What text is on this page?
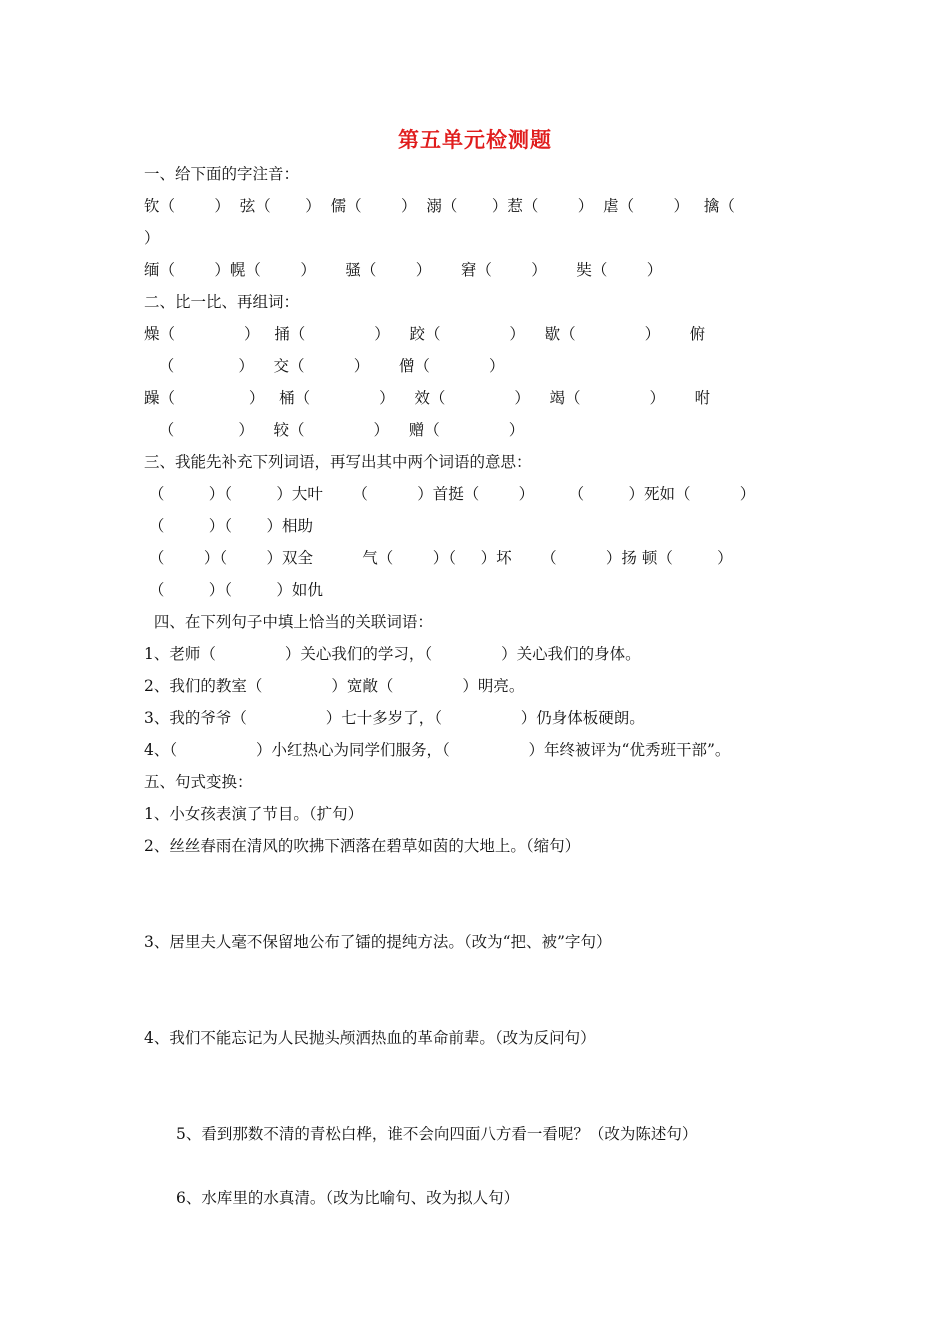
第五单元检测题
一、给下面的字注音：
钦（        ）  弦（       ）  儒（        ）  溺（       ）惹（        ）  虐（        ）   擒（
）
缅（        ）幌（        ）      骚（        ）      窘（        ）      奘（        ）
二、比一比、再组词：
燥（              ）   捅（              ）    跤（              ）    歇（              ）      俯
（             ）    交（          ）      僧（            ）
躁（               ）   桶（              ）    效（              ）    竭（              ）      咐
（             ）    较（              ）    赠（              ）
三、我能先补充下列词语，再写出其中两个词语的意思：
（         ）（         ）大叶      （          ）首挺（        ）       （         ）死如（          ）
（         ）（       ）相助
（        ）（        ）双全          气（        ）（     ）坏      （          ）扬 顿（         ）
（         ）（         ）如仇
四、在下列句子中填上恰当的关联词语：
1、老师（              ）关心我们的学习，（              ）关心我们的身体。
2、我们的教室（              ）宽敞（              ）明亮。
3、我的爷爷（                ）七十多岁了，（                ）仍身体板硬朗。
4、（                ）小红热心为同学们服务，（                ）年终被评为“优秀班干部”。
五、句式变换：
1、小女孩表演了节目。（扩句）
2、丝丝春雨在清风的吹拂下洒落在碧草如茵的大地上。（缩句）
3、居里夫人毫不保留地公布了镭的提纯方法。（改为“把、被”字句）
4、我们不能忘记为人民抛头颅洒热血的革命前辈。（改为反问句）
5、看到那数不清的青松白桦，谁不会向四面八方看一看呢？（改为陈述句）
6、水库里的水真清。（改为比喻句、改为拟人句）
